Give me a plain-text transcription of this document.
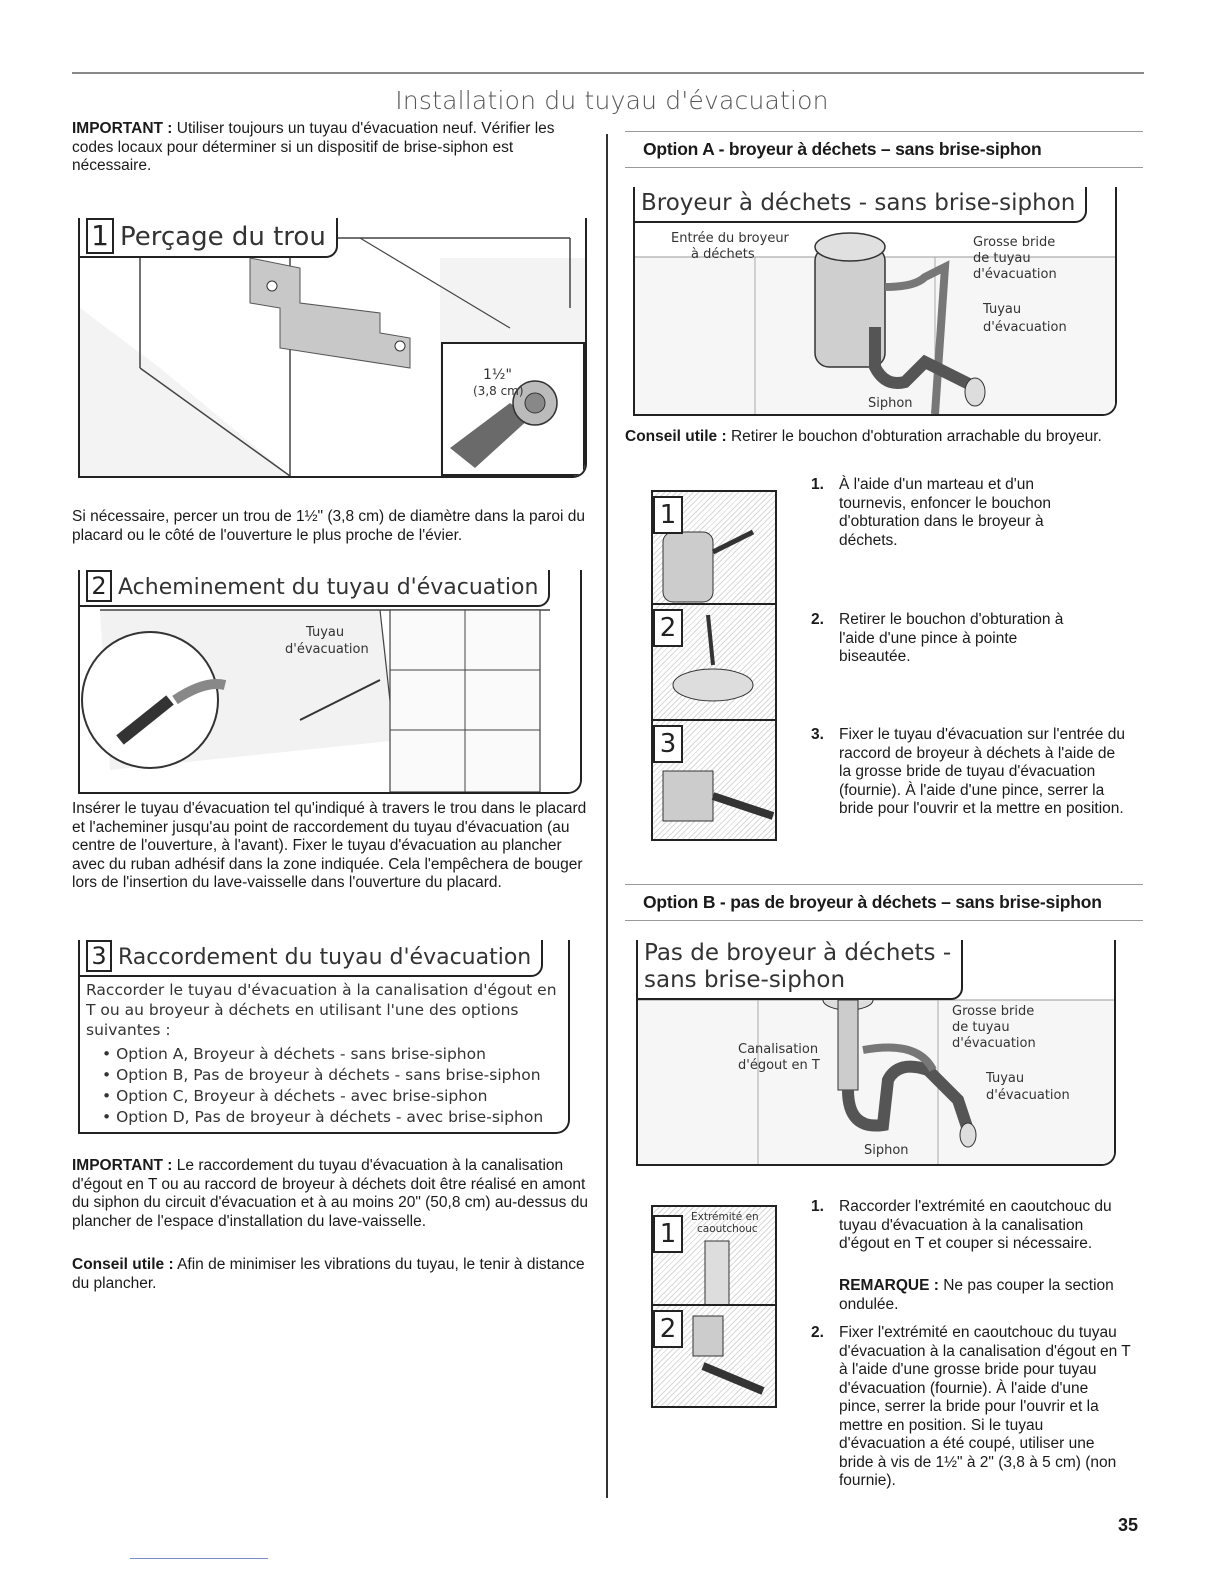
Installation du tuyau d'évacuation
IMPORTANT : Utiliser toujours un tuyau d'évacuation neuf. Vérifier les codes locaux pour déterminer si un dispositif de brise-siphon est nécessaire.
1 Perçage du trou
1½"
(3,8 cm)
Si nécessaire, percer un trou de 1½" (3,8 cm) de diamètre dans la paroi du placard ou le côté de l'ouverture le plus proche de l'évier.
2 Acheminement du tuyau d'évacuation
Tuyau
d'évacuation
Insérer le tuyau d'évacuation tel qu'indiqué à travers le trou dans le placard et l'acheminer jusqu'au point de raccordement du tuyau d'évacuation (au centre de l'ouverture, à l'avant). Fixer le tuyau d'évacuation au plancher avec du ruban adhésif dans la zone indiquée. Cela l'empêchera de bouger lors de l'insertion du lave-vaisselle dans l'ouverture du placard.
3 Raccordement du tuyau d'évacuation
Raccorder le tuyau d'évacuation à la canalisation d'égout en T ou au broyeur à déchets en utilisant l'une des options suivantes :
• Option A, Broyeur à déchets - sans brise-siphon
• Option B, Pas de broyeur à déchets - sans brise-siphon
• Option C, Broyeur à déchets - avec brise-siphon
• Option D, Pas de broyeur à déchets - avec brise-siphon
IMPORTANT : Le raccordement du tuyau d'évacuation à la canalisation d'égout en T ou au raccord de broyeur à déchets doit être réalisé en amont du siphon du circuit d'évacuation et à au moins 20" (50,8 cm) au-dessus du plancher de l'espace d'installation du lave-vaisselle.
Conseil utile : Afin de minimiser les vibrations du tuyau, le tenir à distance du plancher.
Option A - broyeur à déchets – sans brise-siphon
Broyeur à déchets - sans brise-siphon
Entrée du broyeur
à déchets
Grosse bride
de tuyau
d'évacuation
Tuyau
d'évacuation
Siphon
Conseil utile : Retirer le bouchon d'obturation arrachable du broyeur.
1
2
3
1. À l'aide d'un marteau et d'un tournevis, enfoncer le bouchon d'obturation dans le broyeur à déchets.
2. Retirer le bouchon d'obturation à l'aide d'une pince à pointe biseautée.
3. Fixer le tuyau d'évacuation sur l'entrée du raccord de broyeur à déchets à l'aide de la grosse bride de tuyau d'évacuation (fournie). À l'aide d'une pince, serrer la bride pour l'ouvrir et la mettre en position.
Option B - pas de broyeur à déchets – sans brise-siphon
Pas de broyeur à déchets -
sans brise-siphon
Canalisation
d'égout en T
Grosse bride
de tuyau
d'évacuation
Tuyau
d'évacuation
Siphon
1
Extrémité en
caoutchouc
2
1. Raccorder l'extrémité en caoutchouc du tuyau d'évacuation à la canalisation d'égout en T et couper si nécessaire.
REMARQUE : Ne pas couper la section ondulée.
2. Fixer l'extrémité en caoutchouc du tuyau d'évacuation à la canalisation d'égout en T à l'aide d'une grosse bride pour tuyau d'évacuation (fournie). À l'aide d'une pince, serrer la bride pour l'ouvrir et la mettre en position. Si le tuyau d'évacuation a été coupé, utiliser une bride à vis de 1½" à 2" (3,8 à 5 cm) (non fournie).
35
